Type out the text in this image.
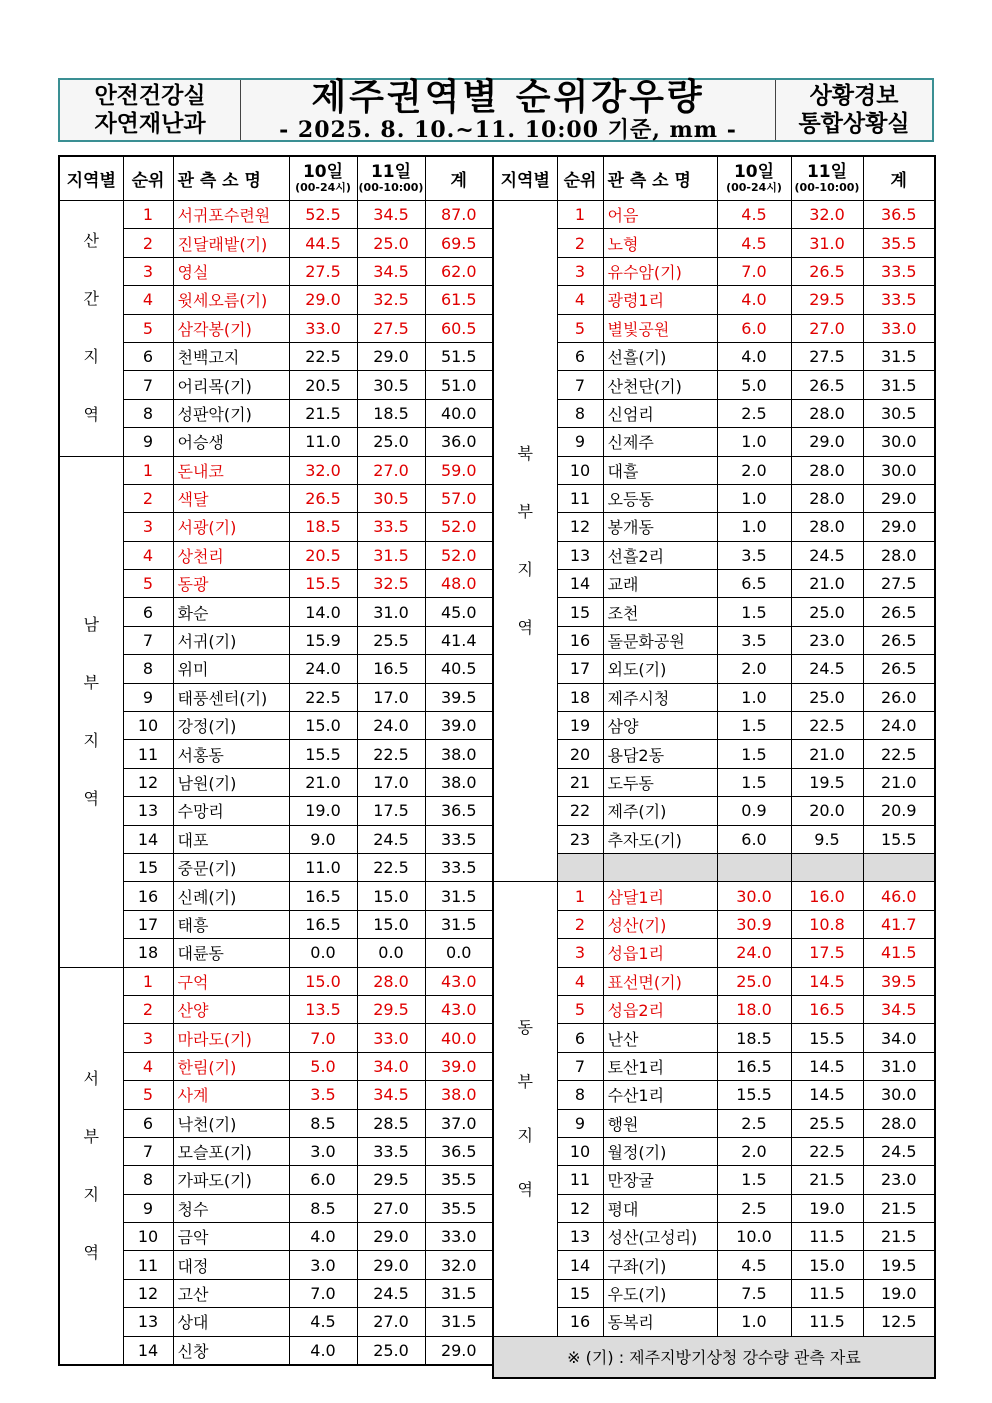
안전건강실
자연재난과
제주권역별 순위강우량
- 2025. 8. 10.~11. 10:00 기준, mm -
상황경보
통합상황실
지역별	순위	관 측 소 명	10일
(00-24시)	11일
(00-10:00)	계

산
간
지
역	1	서귀포수련원	52.5	34.5	87.0
	2	진달래밭(기)	44.5	25.0	69.5
	3	영실	27.5	34.5	62.0
	4	윗세오름(기)	29.0	32.5	61.5
	5	삼각봉(기)	33.0	27.5	60.5
	6	천백고지	22.5	29.0	51.5
	7	어리목(기)	20.5	30.5	51.0
	8	성판악(기)	21.5	18.5	40.0
	9	어승생	11.0	25.0	36.0

남
부
지
역	1	돈내코	32.0	27.0	59.0
	2	색달	26.5	30.5	57.0
	3	서광(기)	18.5	33.5	52.0
	4	상천리	20.5	31.5	52.0
	5	동광	15.5	32.5	48.0
	6	화순	14.0	31.0	45.0
	7	서귀(기)	15.9	25.5	41.4
	8	위미	24.0	16.5	40.5
	9	태풍센터(기)	22.5	17.0	39.5
	10	강정(기)	15.0	24.0	39.0
	11	서홍동	15.5	22.5	38.0
	12	남원(기)	21.0	17.0	38.0
	13	수망리	19.0	17.5	36.5
	14	대포	9.0	24.5	33.5
	15	중문(기)	11.0	22.5	33.5
	16	신례(기)	16.5	15.0	31.5
	17	태흥	16.5	15.0	31.5
	18	대륜동	0.0	0.0	0.0

서
부
지
역	1	구억	15.0	28.0	43.0
	2	산양	13.5	29.5	43.0
	3	마라도(기)	7.0	33.0	40.0
	4	한림(기)	5.0	34.0	39.0
	5	사계	3.5	34.5	38.0
	6	낙천(기)	8.5	28.5	37.0
	7	모슬포(기)	3.0	33.5	36.5
	8	가파도(기)	6.0	29.5	35.5
	9	청수	8.5	27.0	35.5
	10	금악	4.0	29.0	33.0
	11	대정	3.0	29.0	32.0
	12	고산	7.0	24.5	31.5
	13	상대	4.5	27.0	31.5
	14	신창	4.0	25.0	29.0
지역별	순위	관 측 소 명	10일
(00-24시)	11일
(00-10:00)	계

북
부
지
역	1	어음	4.5	32.0	36.5
	2	노형	4.5	31.0	35.5
	3	유수암(기)	7.0	26.5	33.5
	4	광령1리	4.0	29.5	33.5
	5	별빛공원	6.0	27.0	33.0
	6	선흘(기)	4.0	27.5	31.5
	7	산천단(기)	5.0	26.5	31.5
	8	신엄리	2.5	28.0	30.5
	9	신제주	1.0	29.0	30.0
	10	대흘	2.0	28.0	30.0
	11	오등동	1.0	28.0	29.0
	12	봉개동	1.0	28.0	29.0
	13	선흘2리	3.5	24.5	28.0
	14	교래	6.5	21.0	27.5
	15	조천	1.5	25.0	26.5
	16	돌문화공원	3.5	23.0	26.5
	17	외도(기)	2.0	24.5	26.5
	18	제주시청	1.0	25.0	26.0
	19	삼양	1.5	22.5	24.0
	20	용담2동	1.5	21.0	22.5
	21	도두동	1.5	19.5	21.0
	22	제주(기)	0.9	20.0	20.9
	23	추자도(기)	6.0	9.5	15.5

동
부
지
역	1	삼달1리	30.0	16.0	46.0
	2	성산(기)	30.9	10.8	41.7
	3	성읍1리	24.0	17.5	41.5
	4	표선면(기)	25.0	14.5	39.5
	5	성읍2리	18.0	16.5	34.5
	6	난산	18.5	15.5	34.0
	7	토산1리	16.5	14.5	31.0
	8	수산1리	15.5	14.5	30.0
	9	행원	2.5	25.5	28.0
	10	월정(기)	2.0	22.5	24.5
	11	만장굴	1.5	21.5	23.0
	12	평대	2.5	19.0	21.5
	13	성산(고성리)	10.0	11.5	21.5
	14	구좌(기)	4.5	15.0	19.5
	15	우도(기)	7.5	11.5	19.0
	16	동복리	1.0	11.5	12.5
※ (기) : 제주지방기상청 강수량 관측 자료					
